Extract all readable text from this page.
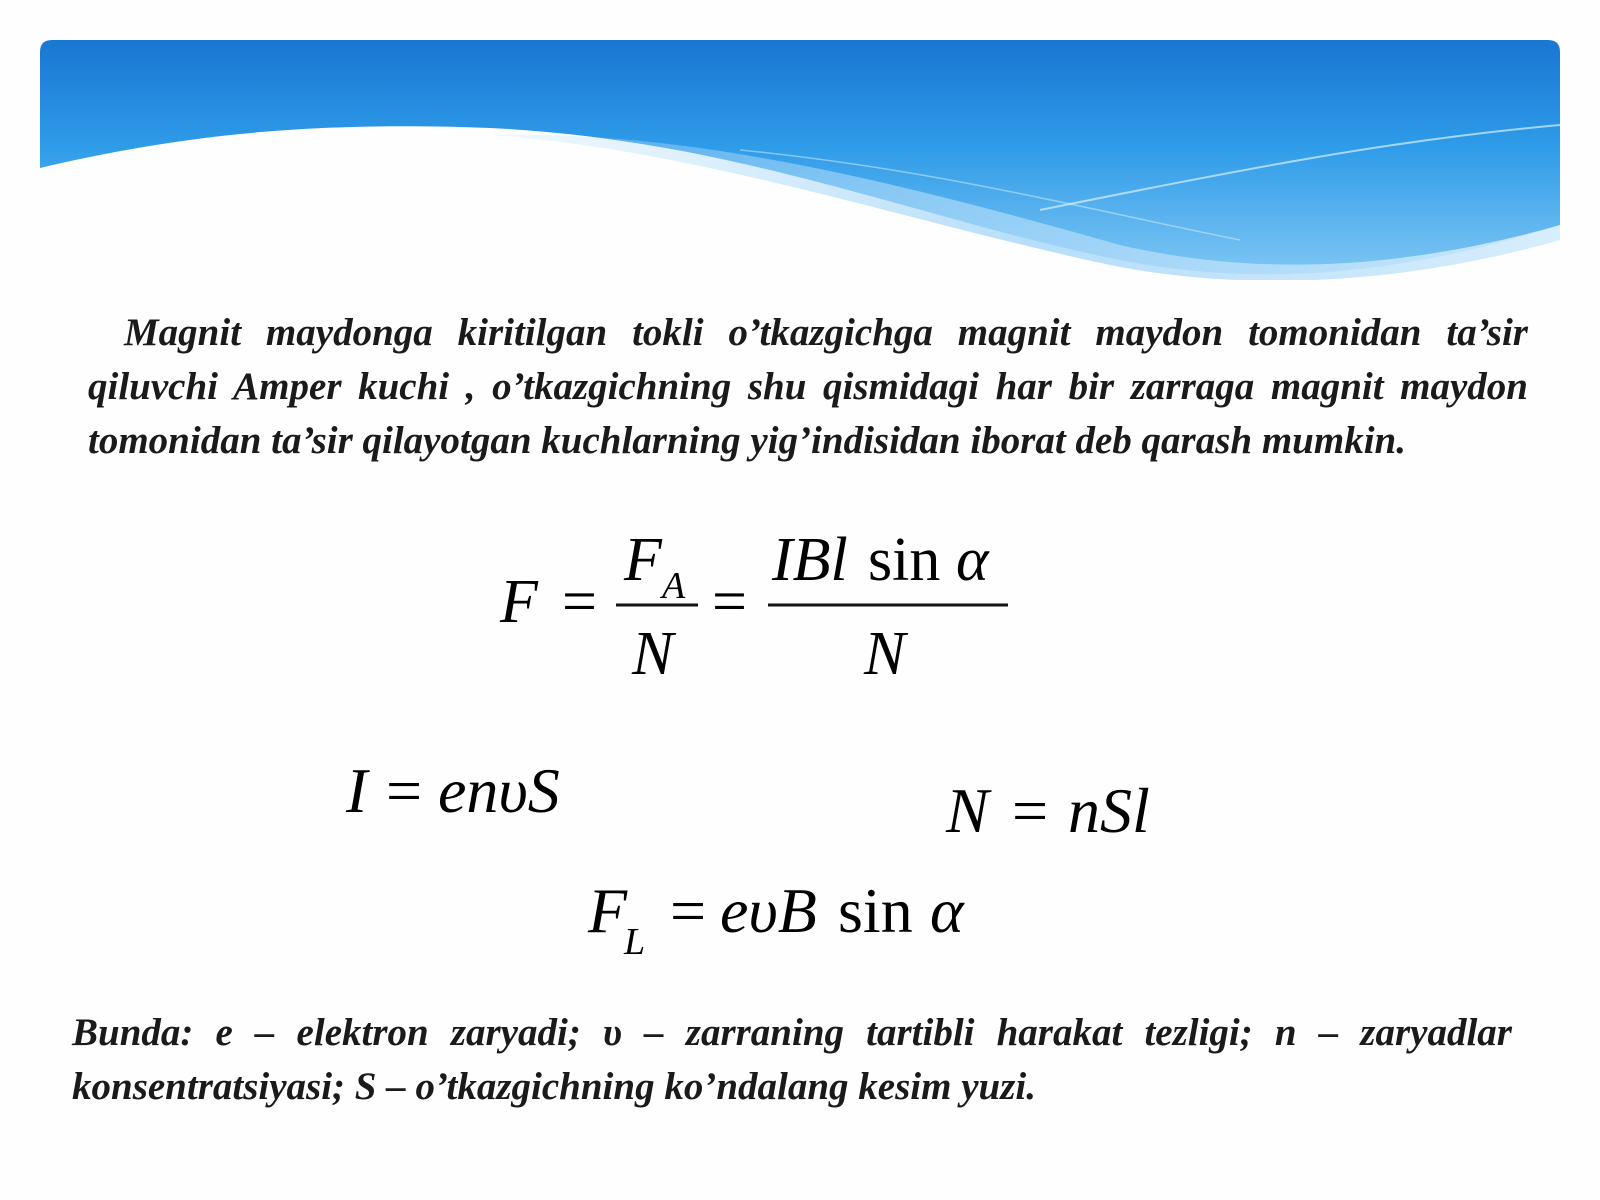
Magnit maydonga kiritilgan tokli o’tkazgichga magnit maydon tomonidan ta’sir qiluvchi Amper kuchi , o’tkazgichning shu qismidagi har bir zarraga magnit maydon tomonidan ta’sir qilayotgan kuchlarning yig’indisidan iborat deb qarash mumkin.

F =
F A
N
=
IBl sin α
N
I = enυS	N = nSl
F
L = eυB sin α

Bunda: e – elektron zaryadi; υ – zarraning tartibli harakat tezligi; n – zaryadlar konsentratsiyasi; S – o’tkazgichning ko’ndalang kesim yuzi.
